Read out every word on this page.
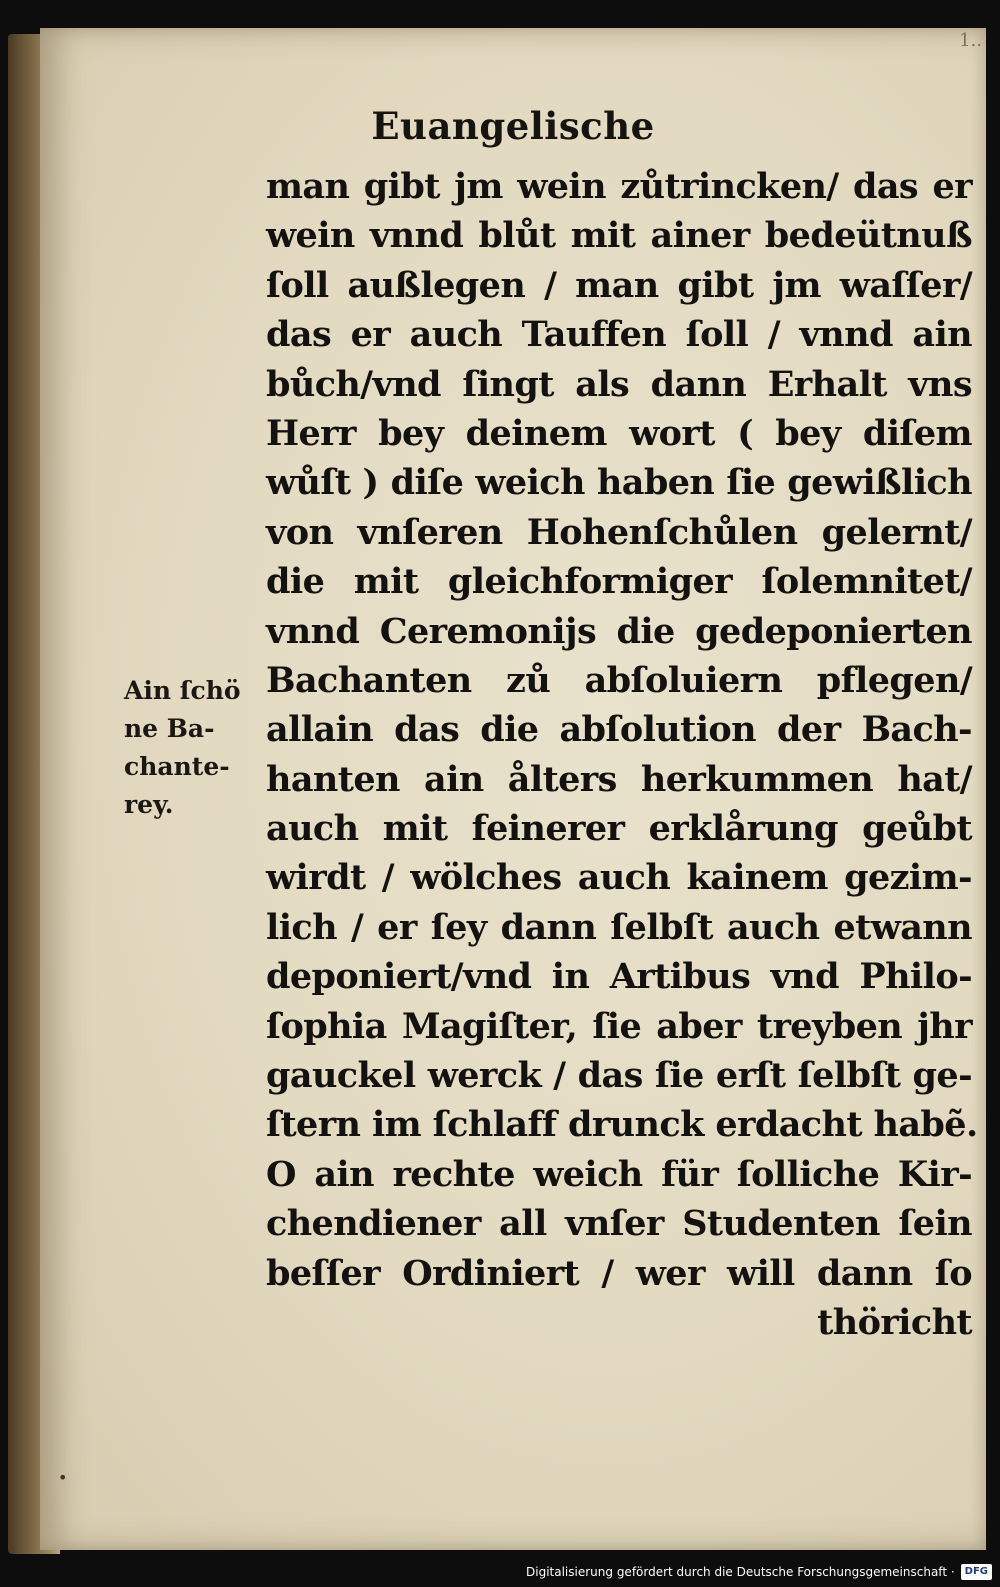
1..
Euangelische
man gibt jm wein zůtrincken/ das er
wein vnnd blůt mit ainer bedeütnuß
ſoll außlegen / man gibt jm waſſer/
das er auch Tauffen ſoll / vnnd ain
bůch/vnd ſingt als dann Erhalt vns
Herr bey deinem wort ( bey diſem
wůſt ) diſe weich haben ſie gewißlich
von vnſeren Hohenſchůlen gelernt/
die mit gleichformiger ſolemnitet/
vnnd Ceremonijs die gedeponierten
Bachanten zů abſoluiern pflegen/
allain das die abſolution der Bach-
hanten ain ålters herkummen hat/
auch mit feinerer erklårung geůbt
wirdt / wölches auch kainem gezim-
lich / er ſey dann ſelbſt auch etwann
deponiert/vnd in Artibus vnd Philo-
ſophia Magiſter, ſie aber treyben jhr
gauckel werck / das ſie erſt ſelbſt ge-
ſtern im ſchlaff drunck erdacht habẽ.
O ain rechte weich für ſolliche Kir-
chendiener all vnſer Studenten ſein
beſſer Ordiniert / wer will dann ſo
thöricht
Ain ſchö
ne Ba-
chante-
rey.
•
Digitalisierung gefördert durch die Deutsche Forschungsgemeinschaft ·	DFG
